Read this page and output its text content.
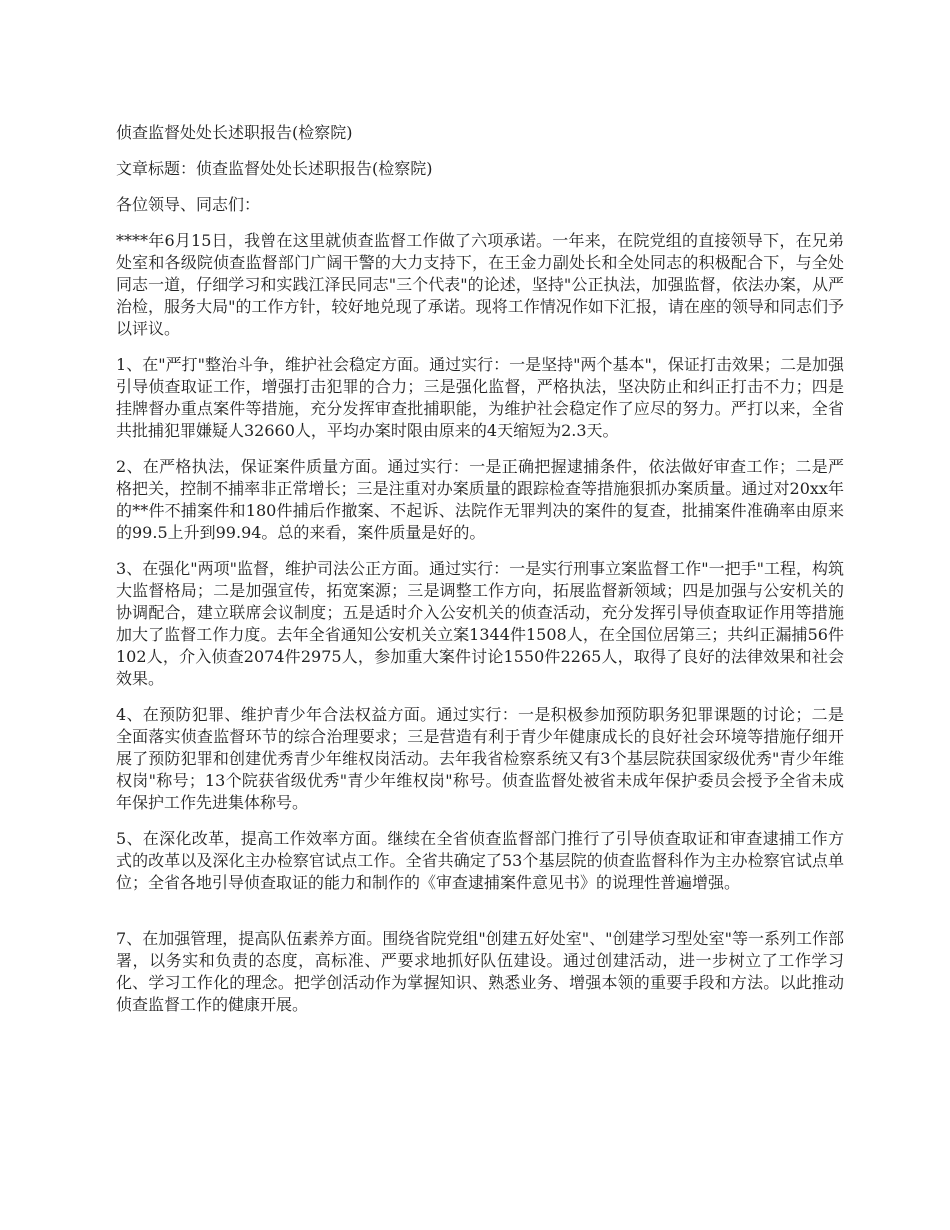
侦查监督处处长述职报告(检察院)

文章标题：侦查监督处处长述职报告(检察院)

各位领导、同志们：

****年6月15日，我曾在这里就侦查监督工作做了六项承诺。一年来，在院党组的直接领导下，在兄弟处室和各级院侦查监督部门广阔干警的大力支持下，在王金力副处长和全处同志的积极配合下，与全处同志一道，仔细学习和实践江泽民同志"三个代表"的论述，坚持"公正执法，加强监督，依法办案，从严治检，服务大局"的工作方针，较好地兑现了承诺。现将工作情况作如下汇报，请在座的领导和同志们予以评议。

1、在"严打"整治斗争，维护社会稳定方面。通过实行：一是坚持"两个基本"，保证打击效果；二是加强引导侦查取证工作，增强打击犯罪的合力；三是强化监督，严格执法，坚决防止和纠正打击不力；四是挂牌督办重点案件等措施，充分发挥审查批捕职能，为维护社会稳定作了应尽的努力。严打以来，全省共批捕犯罪嫌疑人32660人，平均办案时限由原来的4天缩短为2.3天。

2、在严格执法，保证案件质量方面。通过实行：一是正确把握逮捕条件，依法做好审查工作；二是严格把关，控制不捕率非正常增长；三是注重对办案质量的跟踪检查等措施狠抓办案质量。通过对20xx年的**件不捕案件和180件捕后作撤案、不起诉、法院作无罪判决的案件的复查，批捕案件准确率由原来的99.5上升到99.94。总的来看，案件质量是好的。

3、在强化"两项"监督，维护司法公正方面。通过实行：一是实行刑事立案监督工作"一把手"工程，构筑大监督格局；二是加强宣传，拓宽案源；三是调整工作方向，拓展监督新领域；四是加强与公安机关的协调配合，建立联席会议制度；五是适时介入公安机关的侦查活动，充分发挥引导侦查取证作用等措施加大了监督工作力度。去年全省通知公安机关立案1344件1508人，在全国位居第三；共纠正漏捕56件102人，介入侦查2074件2975人，参加重大案件讨论1550件2265人，取得了良好的法律效果和社会效果。

4、在预防犯罪、维护青少年合法权益方面。通过实行：一是积极参加预防职务犯罪课题的讨论；二是全面落实侦查监督环节的综合治理要求；三是营造有利于青少年健康成长的良好社会环境等措施仔细开展了预防犯罪和创建优秀青少年维权岗活动。去年我省检察系统又有3个基层院获国家级优秀"青少年维权岗"称号；13个院获省级优秀"青少年维权岗"称号。侦查监督处被省未成年保护委员会授予全省未成年保护工作先进集体称号。

5、在深化改革，提高工作效率方面。继续在全省侦查监督部门推行了引导侦查取证和审查逮捕工作方式的改革以及深化主办检察官试点工作。全省共确定了53个基层院的侦查监督科作为主办检察官试点单位；全省各地引导侦查取证的能力和制作的《审查逮捕案件意见书》的说理性普遍增强。

7、在加强管理，提高队伍素养方面。围绕省院党组"创建五好处室"、"创建学习型处室"等一系列工作部署，以务实和负责的态度，高标准、严要求地抓好队伍建设。通过创建活动，进一步树立了工作学习化、学习工作化的理念。把学创活动作为掌握知识、熟悉业务、增强本领的重要手段和方法。以此推动侦查监督工作的健康开展。
